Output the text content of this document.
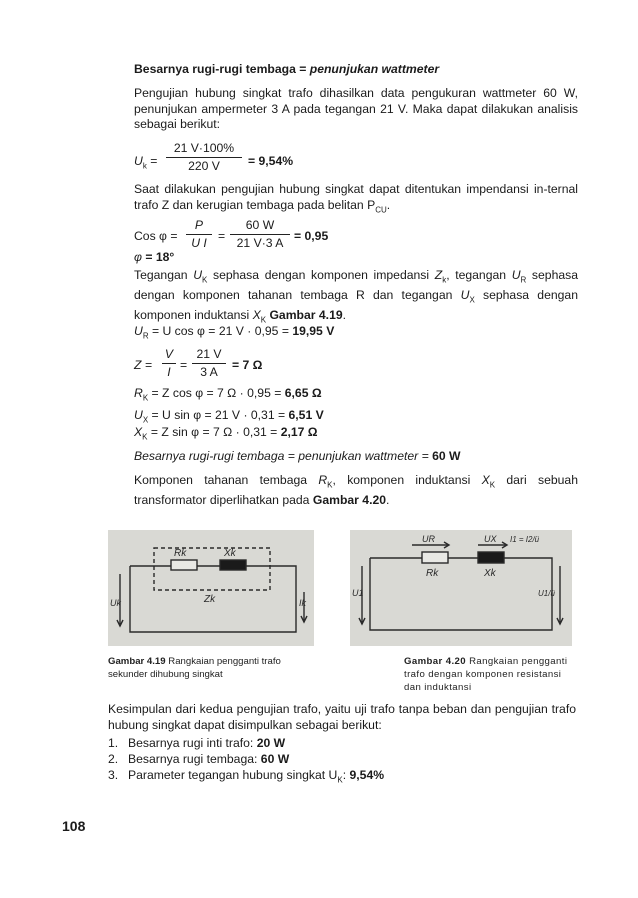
Besarnya rugi-rugi tembaga = penunjukan wattmeter
Pengujian hubung singkat trafo dihasilkan data pengukuran wattmeter 60 W, penunjukan ampermeter 3 A pada tegangan 21 V. Maka dapat dilakukan analisis sebagai berikut:
$U_k$ =
21 V·100%
220 V	= 9,54%
Saat dilakukan pengujian hubung singkat dapat ditentukan impendansi in-ternal trafo Z dan kerugian tembaga pada belitan $P_{CU}$.
Cos φ =
P
U I =
60 W
21 V·3 A = 0,95
φ = 18°
Tegangan $U_K$ sephasa dengan komponen impedansi $Z_k$, tegangan $U_R$ sephasa dengan komponen tahanan tembaga R dan tegangan $U_X$ sephasa dengan komponen induktansi $X_K$ Gambar 4.19.
$U_R = U$ cos φ = 21 V · 0,95 = 19,95 V
Z =
V
I =
21 V
3 A	= 7 Ω
$R_K = Z$ cos φ = 7 Ω · 0,95 = 6,65 Ω
$U_X = U$ sin φ = 21 V · 0,31 = 6,51 V
$X_K = Z$ sin φ = 7 Ω · 0,31 = 2,17 Ω
Besarnya rugi-rugi tembaga = penunjukan wattmeter = 60 W
Komponen tahanan tembaga $R_K$, komponen induktansi $X_K$ dari sebuah transformator diperlihatkan pada Gambar 4.20.
Rk	Xk
Zk
Uk	Ik
Gambar 4.19 Rangkaian pengganti trafo sekunder dihubung singkat
UR	UX I1 = I2/ü
Rk	Xk
U1	U1/ü
Gambar 4.20 Rangkaian pengganti trafo dengan komponen resistansi dan induktansi
Kesimpulan dari kedua pengujian trafo, yaitu uji trafo tanpa beban dan pengujian trafo hubung singkat dapat disimpulkan sebagai berikut:
1. Besarnya rugi inti trafo: 20 W
2. Besarnya rugi tembaga: 60 W
3. Parameter tegangan hubung singkat $U_K$: 9,54%
108
